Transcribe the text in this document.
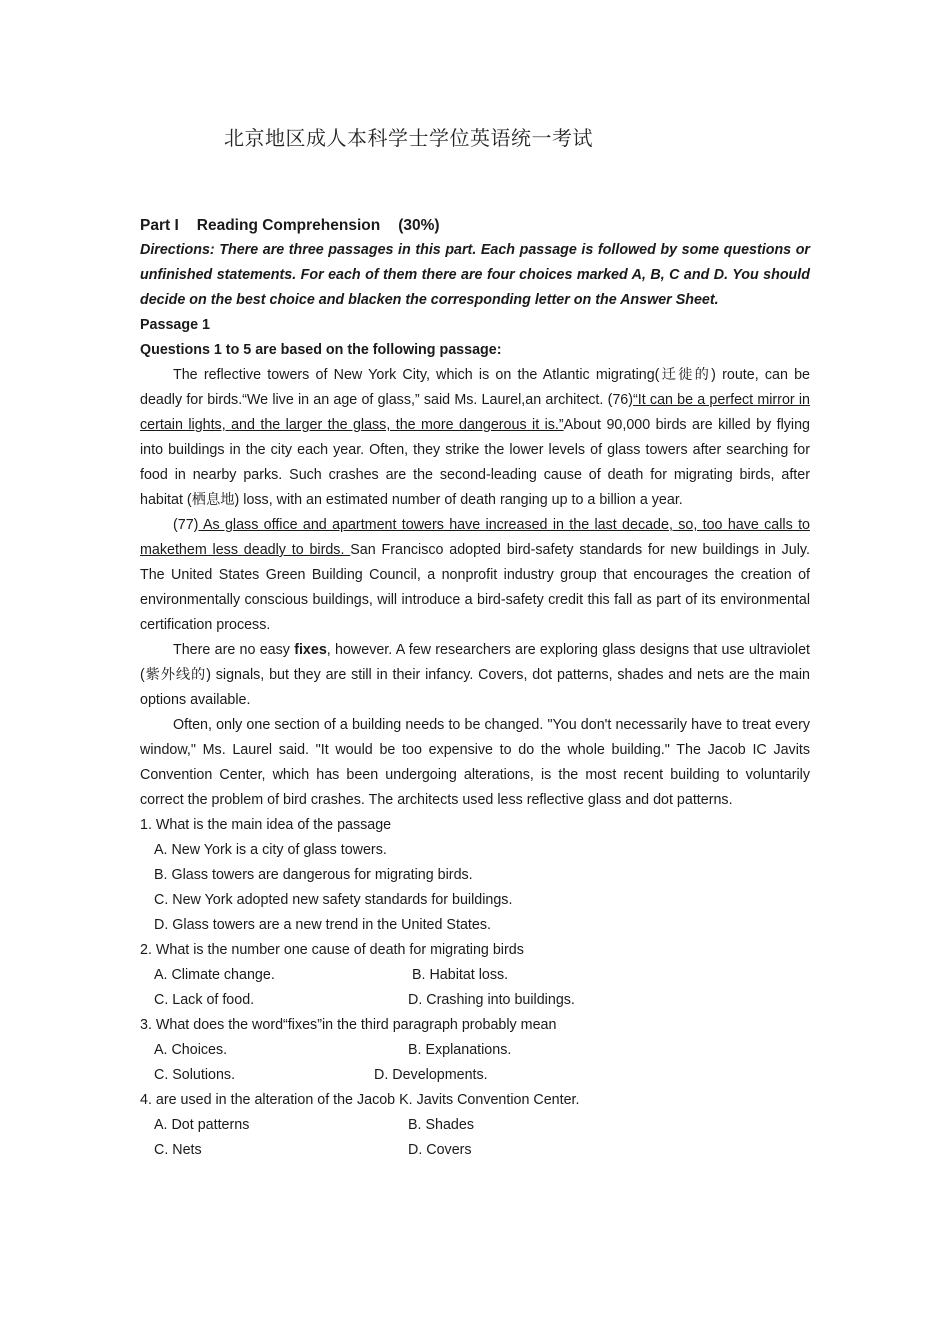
北京地区成人本科学士学位英语统一考试
Part I Reading Comprehension (30%)
Directions: There are three passages in this part. Each passage is followed by some questions or unfinished statements. For each of them there are four choices marked A, B, C and D. You should decide on the best choice and blacken the corresponding letter on the Answer Sheet.
Passage 1
Questions 1 to 5 are based on the following passage:
The reflective towers of New York City, which is on the Atlantic migrating(迁徙的) route, can be deadly for birds.“We live in an age of glass,” said Ms. Laurel,an architect. (76)“It can be a perfect mirror in certain lights, and the larger the glass, the more dangerous it is.”About 90,000 birds are killed by flying into buildings in the city each year. Often, they strike the lower levels of glass towers after searching for food in nearby parks. Such crashes are the second-leading cause of death for migrating birds, after habitat (栖息地) loss, with an estimated number of death ranging up to a billion a year.
(77) As glass office and apartment towers have increased in the last decade, so, too have calls to makethem less deadly to birds. San Francisco adopted bird-safety standards for new buildings in July. The United States Green Building Council, a nonprofit industry group that encourages the creation of environmentally conscious buildings, will introduce a bird-safety credit this fall as part of its environmental certification process.
There are no easy fixes, however. A few researchers are exploring glass designs that use ultraviolet (紫外线的) signals, but they are still in their infancy. Covers, dot patterns, shades and nets are the main options available.
Often, only one section of a building needs to be changed. "You don't necessarily have to treat every window," Ms. Laurel said. "It would be too expensive to do the whole building." The Jacob IC Javits Convention Center, which has been undergoing alterations, is the most recent building to voluntarily correct the problem of bird crashes. The architects used less reflective glass and dot patterns.
1. What is the main idea of the passage
A. New York is a city of glass towers.
B. Glass towers are dangerous for migrating birds.
C. New York adopted new safety standards for buildings.
D. Glass towers are a new trend in the United States.
2. What is the number one cause of death for migrating birds
A. Climate change.	B. Habitat loss.
C. Lack of food.	D. Crashing into buildings.
3. What does the word“fixes”in the third paragraph probably mean
A. Choices.	B. Explanations.
C. Solutions.	D. Developments.
4. are used in the alteration of the Jacob K. Javits Convention Center.
A. Dot patterns	B. Shades
C. Nets	D. Covers
